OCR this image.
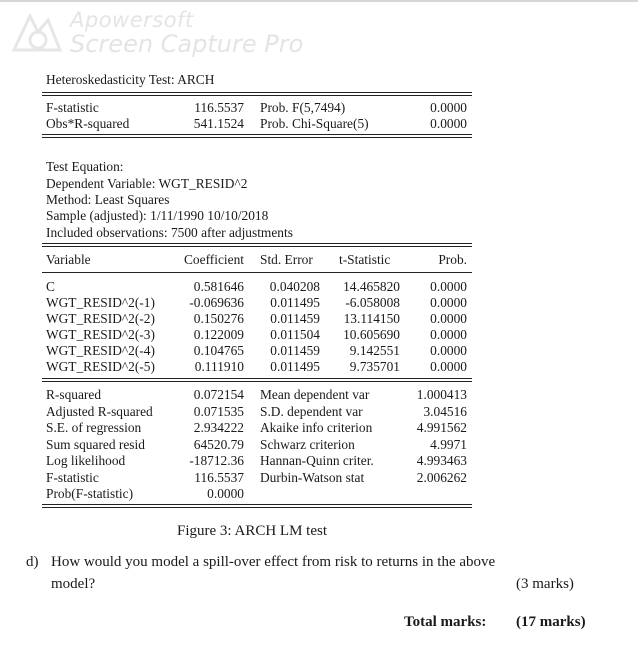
Apowersoft
Screen Capture Pro
Heteroskedasticity Test: ARCH
F-statistic	116.5537 Prob. F(5,7494)	0.0000
Obs*R-squared	541.1524 Prob. Chi-Square(5)	0.0000
Test Equation:
Dependent Variable: WGT_RESID^2
Method: Least Squares
Sample (adjusted): 1/11/1990 10/10/2018
Included observations: 7500 after adjustments
Variable	Coefficient Std. Error t-Statistic	Prob.
C	0.581646	0.040208	14.465820	0.0000
WGT_RESID^2(-1)	-0.069636	0.011495	-6.058008	0.0000
WGT_RESID^2(-2)	0.150276	0.011459	13.114150	0.0000
WGT_RESID^2(-3)	0.122009	0.011504	10.605690	0.0000
WGT_RESID^2(-4)	0.104765	0.011459	9.142551	0.0000
WGT_RESID^2(-5)	0.111910	0.011495	9.735701	0.0000
R-squared	0.072154 Mean dependent var	1.000413
Adjusted R-squared	0.071535 S.D. dependent var	3.04516
S.E. of regression	2.934222 Akaike info criterion	4.991562
Sum squared resid	64520.79 Schwarz criterion	4.9971
Log likelihood	-18712.36 Hannan-Quinn criter.	4.993463
F-statistic	116.5537 Durbin-Watson stat	2.006262
Prob(F-statistic)	0.0000
Figure 3: ARCH LM test
d) How would you model a spill-over effect from risk to returns in the above
model?	(3 marks)
Total marks: (17 marks)
